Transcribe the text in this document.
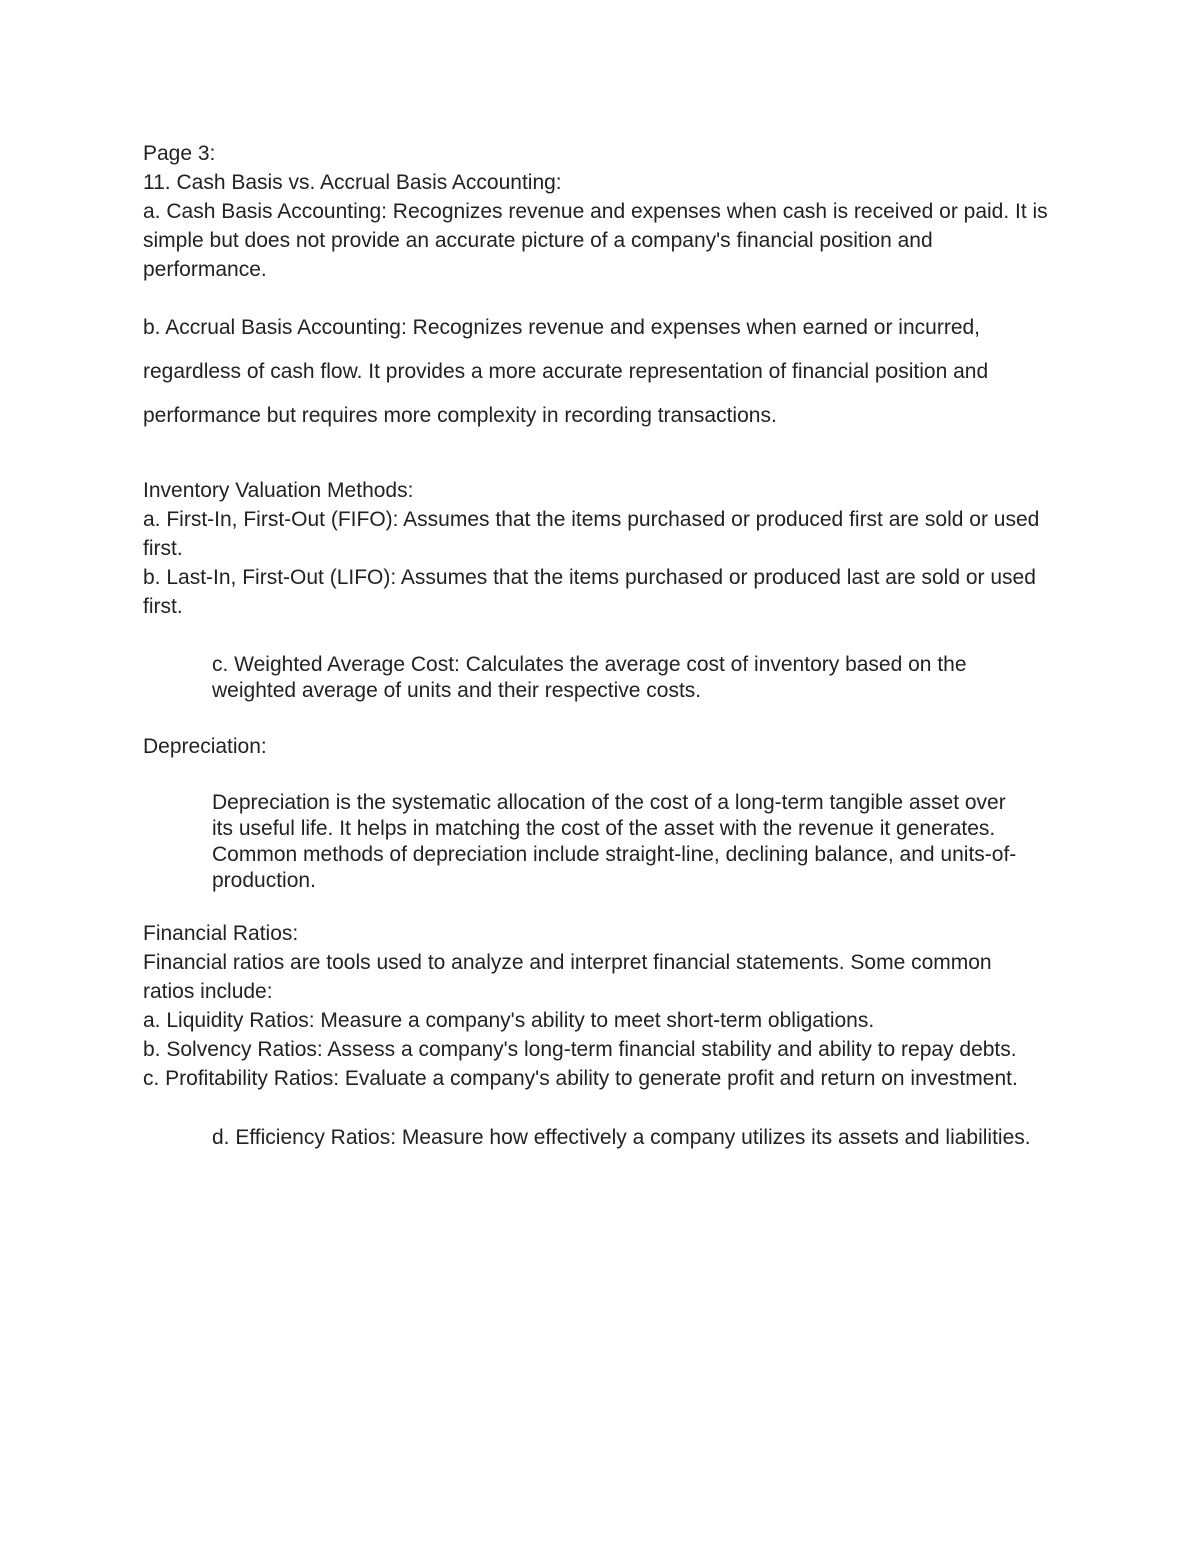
Page 3:
11. Cash Basis vs. Accrual Basis Accounting:
a. Cash Basis Accounting: Recognizes revenue and expenses when cash is received or paid. It is
simple but does not provide an accurate picture of a company's financial position and
performance.
b. Accrual Basis Accounting: Recognizes revenue and expenses when earned or incurred,
regardless of cash flow. It provides a more accurate representation of financial position and
performance but requires more complexity in recording transactions.
Inventory Valuation Methods:
a. First-In, First-Out (FIFO): Assumes that the items purchased or produced first are sold or used
first.
b. Last-In, First-Out (LIFO): Assumes that the items purchased or produced last are sold or used
first.
c. Weighted Average Cost: Calculates the average cost of inventory based on the
weighted average of units and their respective costs.
Depreciation:
Depreciation is the systematic allocation of the cost of a long-term tangible asset over
its useful life. It helps in matching the cost of the asset with the revenue it generates.
Common methods of depreciation include straight-line, declining balance, and units-of-
production.
Financial Ratios:
Financial ratios are tools used to analyze and interpret financial statements. Some common
ratios include:
a. Liquidity Ratios: Measure a company's ability to meet short-term obligations.
b. Solvency Ratios: Assess a company's long-term financial stability and ability to repay debts.
c. Profitability Ratios: Evaluate a company's ability to generate profit and return on investment.
d. Efficiency Ratios: Measure how effectively a company utilizes its assets and liabilities.
